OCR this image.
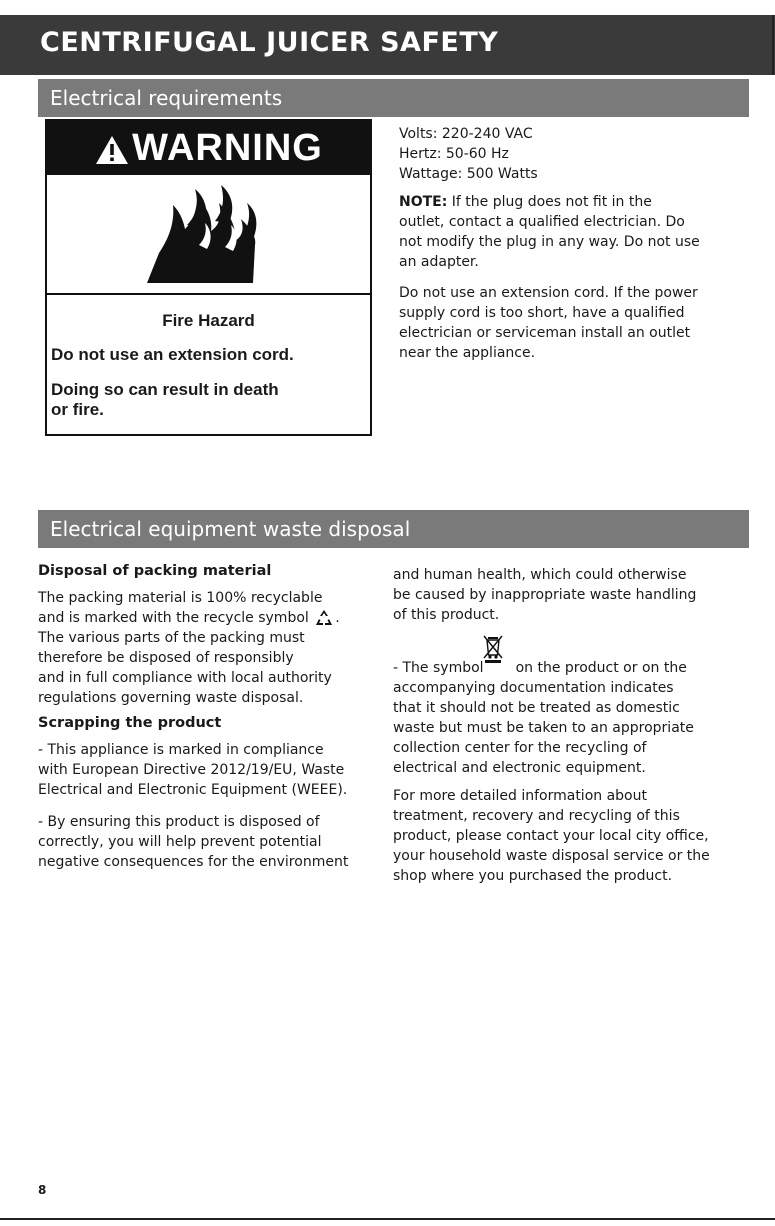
CENTRIFUGAL JUICER SAFETY
Electrical requirements
WARNING

Fire Hazard

Do not use an extension cord.

Doing so can result in death

or fire.

Volts: 220-240 VAC

Hertz: 50-60 Hz

Wattage: 500 Watts

NOTE: If the plug does not fit in the

outlet, contact a qualified electrician. Do

not modify the plug in any way. Do not use

an adapter.

Do not use an extension cord. If the power

supply cord is too short, have a qualified

electrician or serviceman install an outlet

near the appliance.

Electrical equipment waste disposal
Disposal of packing material

The packing material is 100% recyclable

and is marked with the recycle symbol .

The various parts of the packing must

therefore be disposed of responsibly

and in full compliance with local authority

regulations governing waste disposal.

Scrapping the product

- This appliance is marked in compliance

with European Directive 2012/19/EU, Waste

Electrical and Electronic Equipment (WEEE).

- By ensuring this product is disposed of

correctly, you will help prevent potential

negative consequences for the environment

and human health, which could otherwise

be caused by inappropriate waste handling

of this product.

- The symbol on the product or on the

accompanying documentation indicates

that it should not be treated as domestic

waste but must be taken to an appropriate

collection center for the recycling of

electrical and electronic equipment.

For more detailed information about

treatment, recovery and recycling of this

product, please contact your local city office,

your household waste disposal service or the

shop where you purchased the product.

8
